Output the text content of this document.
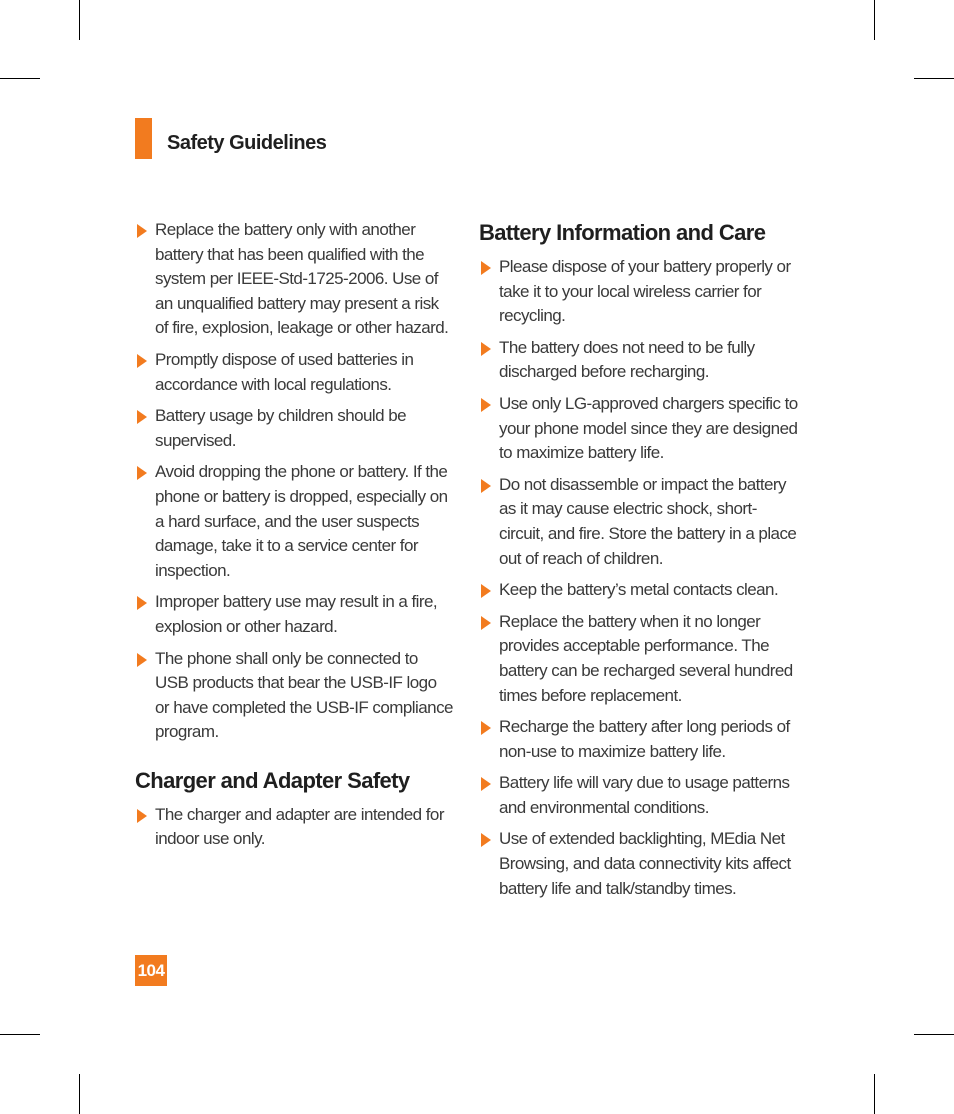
Safety Guidelines
Replace the battery only with another battery that has been qualified with the system per IEEE-Std-1725-2006. Use of an unqualified battery may present a risk of fire, explosion, leakage or other hazard.
Promptly dispose of used batteries in accordance with local regulations.
Battery usage by children should be supervised.
Avoid dropping the phone or battery. If the phone or battery is dropped, especially on a hard surface, and the user suspects damage, take it to a service center for inspection.
Improper battery use may result in a fire, explosion or other hazard.
The phone shall only be connected to USB products that bear the USB-IF logo or have completed the USB-IF compliance program.
Charger and Adapter Safety
The charger and adapter are intended for indoor use only.
Battery Information and Care
Please dispose of your battery properly or take it to your local wireless carrier for recycling.
The battery does not need to be fully discharged before recharging.
Use only LG-approved chargers specific to your phone model since they are designed to maximize battery life.
Do not disassemble or impact the battery as it may cause electric shock, short-circuit, and fire. Store the battery in a place out of reach of children.
Keep the battery’s metal contacts clean.
Replace the battery when it no longer provides acceptable performance. The battery can be recharged several hundred times before replacement.
Recharge the battery after long periods of non-use to maximize battery life.
Battery life will vary due to usage patterns and environmental conditions.
Use of extended backlighting, MEdia Net Browsing, and data connectivity kits affect battery life and talk/standby times.
104
